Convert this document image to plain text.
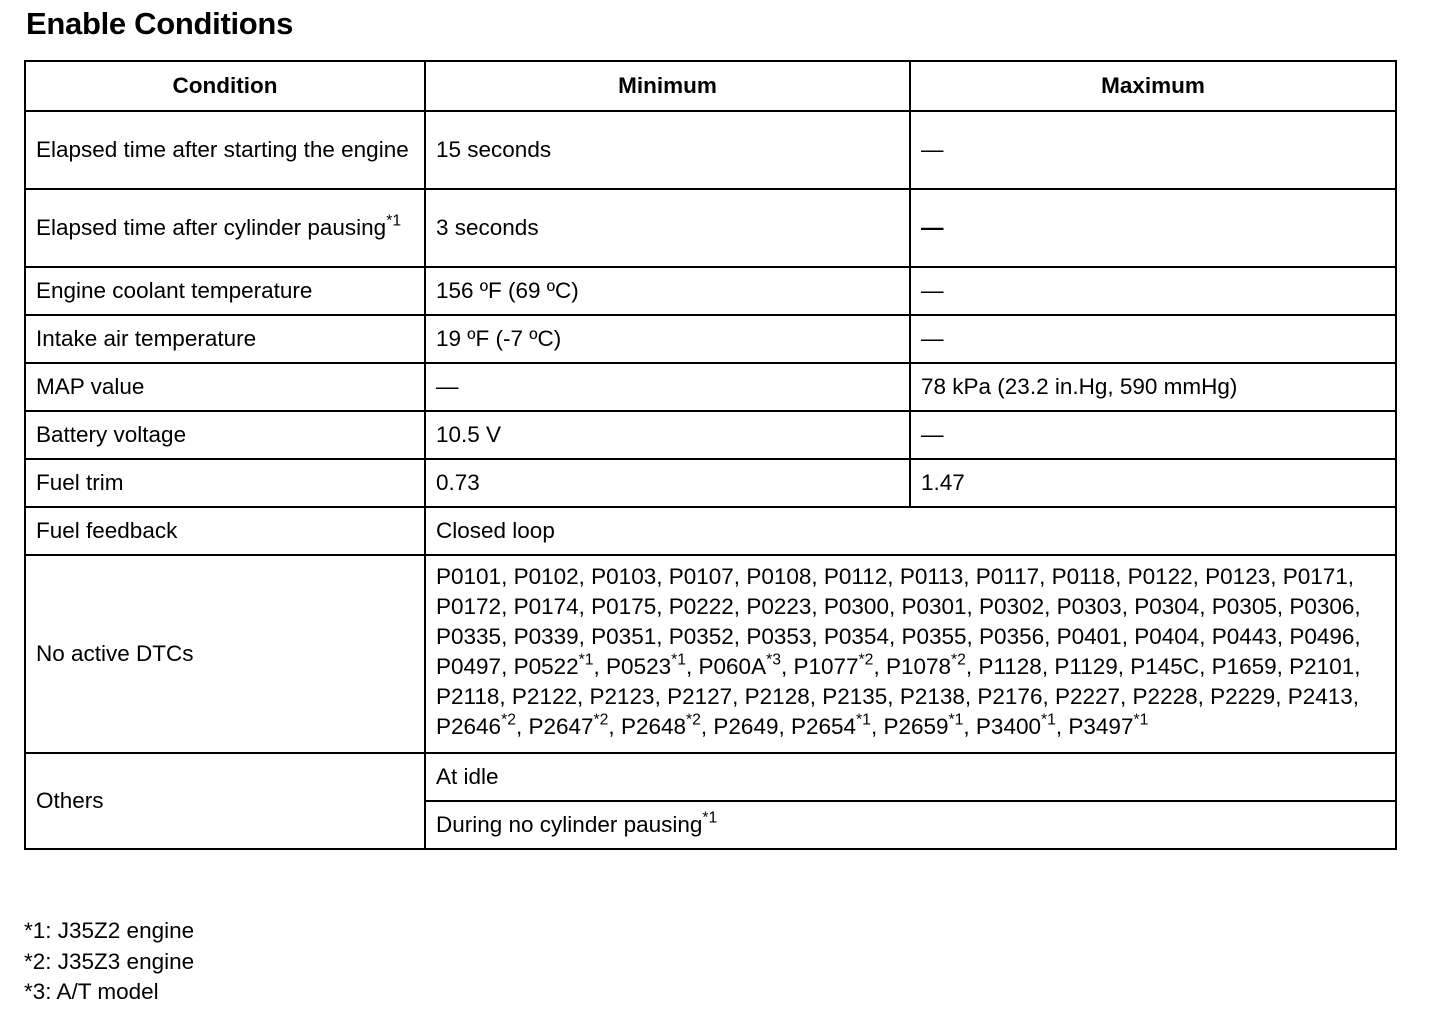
Enable Conditions
Condition	Minimum	Maximum
Elapsed time after starting the engine	15 seconds	—
Elapsed time after cylinder pausing$^{*1}$	3 seconds	—
Engine coolant temperature	156 ºF (69 ºC)	—
Intake air temperature	19 ºF (-7 ºC)	—
MAP value	—	78 kPa (23.2 in.Hg, 590 mmHg)
Battery voltage	10.5 V	—
Fuel trim	0.73	1.47
Fuel feedback	Closed loop	
No active DTCs	P0101, P0102, P0103, P0107, P0108, P0112, P0113, P0117, P0118, P0122, P0123, P0171, P0172, P0174, P0175, P0222, P0223, P0300, P0301, P0302, P0303, P0304, P0305, P0306, P0335, P0339, P0351, P0352, P0353, P0354, P0355, P0356, P0401, P0404, P0443, P0496, P0497, P0522$^{*1}$, P0523$^{*1}$, P060A$^{*3}$, P1077$^{*2}$, P1078$^{*2}$, P1128, P1129, P145C, P1659, P2101, P2118, P2122, P2123, P2127, P2128, P2135, P2138, P2176, P2227, P2228, P2229, P2413, P2646$^{*2}$, P2647$^{*2}$, P2648$^{*2}$, P2649, P2654$^{*1}$, P2659$^{*1}$, P3400$^{*1}$, P3497$^{*1}$
Others	At idle	
	During no cylinder pausing$^{*1}$
*1: J35Z2 engine
*2: J35Z3 engine
*3: A/T model
